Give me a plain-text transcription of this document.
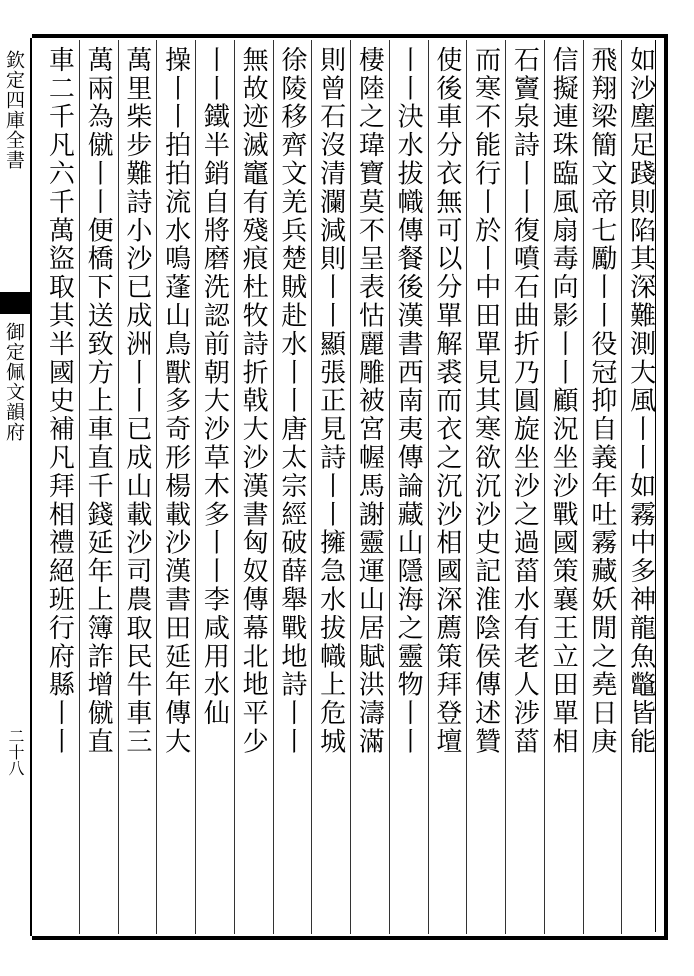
欽定四庫全書
御定佩文韻府
二十八	如沙塵足踐則陷其深難測大風丨丨如霧中多神龍魚鼈皆能
飛翔梁簡文帝七勵丨丨役冠抑自義年吐霧藏妖閒之堯日庚
信擬連珠臨風扇毒向影丨丨顧況坐沙戰國策襄王立田單相
石竇泉詩丨丨復噴石曲折乃圓旋坐沙之過菑水有老人涉菑
而寒不能行丨於丨中田單見其寒欲沉沙史記淮陰侯傳述贊
使後車分衣無可以分單解裘而衣之沉沙相國深薦策拜登壇
丨丨決水拔幟傳餐後漢書西南夷傳論藏山隱海之靈物丨丨
棲陸之瑋寶莫不呈表怙麗雕被宮幄馬謝靈運山居賦洪濤滿
則曾石沒清瀾減則丨丨顯張正見詩丨丨擁急水拔幟上危城
徐陵移齊文羌兵楚賊赴水丨丨唐太宗經破薛舉戰地詩丨丨
無故迹滅竈有殘痕杜牧詩折戟大沙漢書匈奴傳幕北地平少
丨丨鐵半銷自將磨洗認前朝大沙草木多丨丨李咸用水仙
操丨丨拍拍流水鳴蓬山鳥獸多奇形楊載沙漢書田延年傳大
萬里柴步難詩小沙已成洲丨丨已成山載沙司農取民牛車三
萬兩為僦丨丨便橋下送致方上車直千錢延年上簿詐增僦直
車二千凡六千萬盜取其半國史補凡拜相禮絕班行府縣丨丨
